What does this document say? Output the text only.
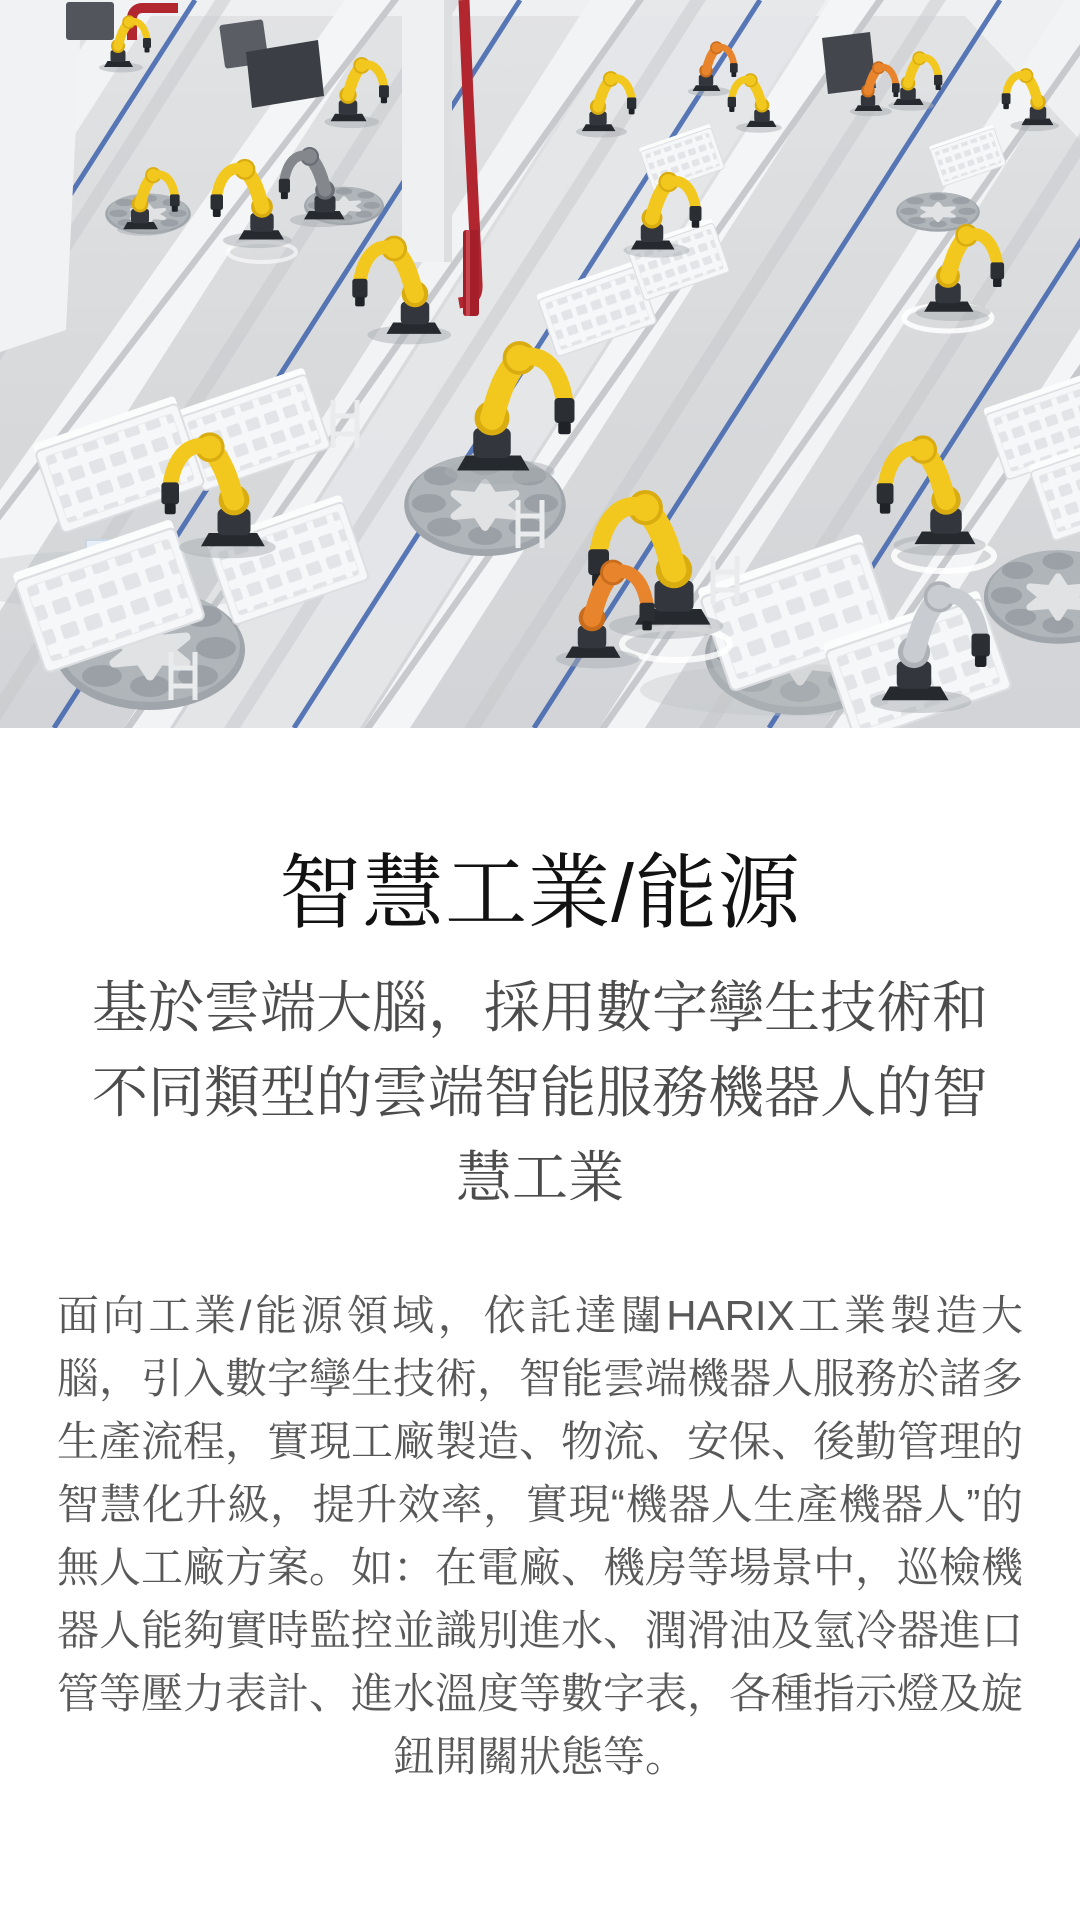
智慧工業/能源
基於雲端大腦，採用數字孿生技術和不同類型的雲端智能服務機器人的智慧工業

面向工業/能源領域，依託達闥HARIX工業製造大腦，引入數字孿生技術，智能雲端機器人服務於諸多生產流程，實現工廠製造、物流、安保、後勤管理的智慧化升級，提升效率，實現“機器人生產機器人”的無人工廠方案。如：在電廠、機房等場景中，巡檢機器人能夠實時監控並識別進水、潤滑油及氫冷器進口管等壓力表計、進水溫度等數字表，各種指示燈及旋鈕開關狀態等。
